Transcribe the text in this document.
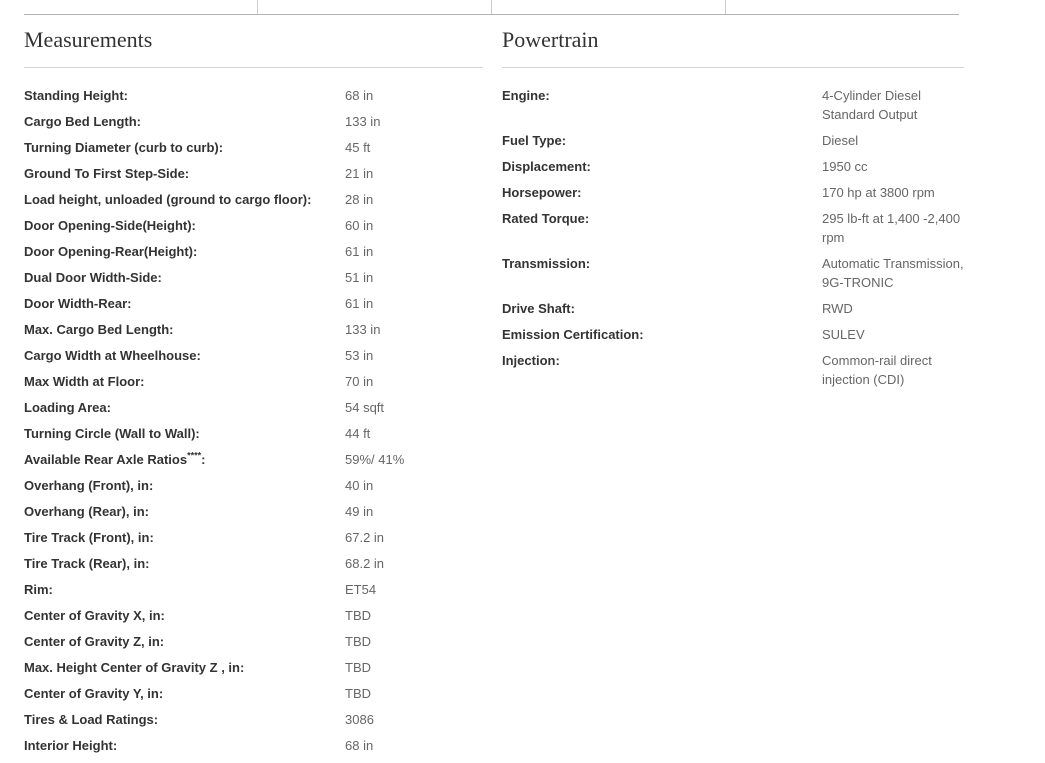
Measurements
Standing Height:	68 in
Cargo Bed Length:	133 in
Turning Diameter (curb to curb):	45 ft
Ground To First Step-Side:	21 in
Load height, unloaded (ground to cargo floor):	28 in
Door Opening-Side(Height):	60 in
Door Opening-Rear(Height):	61 in
Dual Door Width-Side:	51 in
Door Width-Rear:	61 in
Max. Cargo Bed Length:	133 in
Cargo Width at Wheelhouse:	53 in
Max Width at Floor:	70 in
Loading Area:	54 sqft
Turning Circle (Wall to Wall):	44 ft
Available Rear Axle Ratios****:	59%/ 41%
Overhang (Front), in:	40 in
Overhang (Rear), in:	49 in
Tire Track (Front), in:	67.2 in
Tire Track (Rear), in:	68.2 in
Rim:	ET54
Center of Gravity X, in:	TBD
Center of Gravity Z, in:	TBD
Max. Height Center of Gravity Z , in:	TBD
Center of Gravity Y, in:	TBD
Tires & Load Ratings:	3086
Interior Height:	68 in
Powertrain
Engine:	4-Cylinder Diesel Standard Output
Fuel Type:	Diesel
Displacement:	1950 cc
Horsepower:	170 hp at 3800 rpm
Rated Torque:	295 lb-ft at 1,400 -2,400 rpm
Transmission:	Automatic Transmission, 9G-TRONIC
Drive Shaft:	RWD
Emission Certification:	SULEV
Injection:	Common-rail direct injection (CDI)
